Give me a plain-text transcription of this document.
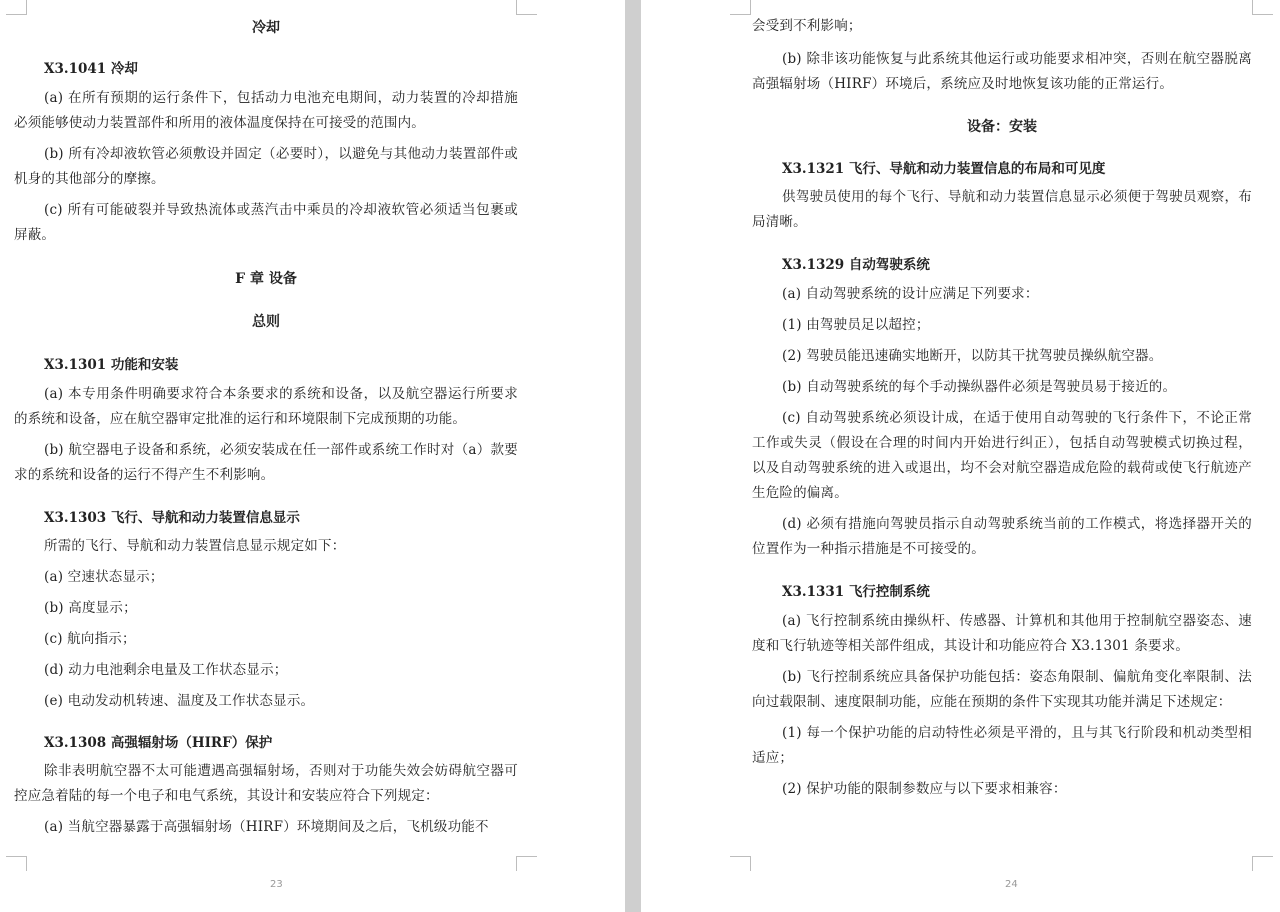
冷却

X3.1041 冷却

(a) 在所有预期的运行条件下，包括动力电池充电期间，动力装置的冷却措施必须能够使动力装置部件和所用的液体温度保持在可接受的范围内。

(b) 所有冷却液软管必须敷设并固定（必要时），以避免与其他动力装置部件或机身的其他部分的摩擦。

(c) 所有可能破裂并导致热流体或蒸汽击中乘员的冷却液软管必须适当包裹或屏蔽。

F 章 设备

总则

X3.1301 功能和安装

(a) 本专用条件明确要求符合本条要求的系统和设备，以及航空器运行所要求的系统和设备，应在航空器审定批准的运行和环境限制下完成预期的功能。

(b) 航空器电子设备和系统，必须安装成在任一部件或系统工作时对（a）款要求的系统和设备的运行不得产生不利影响。

X3.1303 飞行、导航和动力装置信息显示

所需的飞行、导航和动力装置信息显示规定如下：

(a) 空速状态显示；

(b) 高度显示；

(c) 航向指示；

(d) 动力电池剩余电量及工作状态显示；

(e) 电动发动机转速、温度及工作状态显示。

X3.1308 高强辐射场（HIRF）保护

除非表明航空器不太可能遭遇高强辐射场，否则对于功能失效会妨碍航空器可控应急着陆的每一个电子和电气系统，其设计和安装应符合下列规定：

(a) 当航空器暴露于高强辐射场（HIRF）环境期间及之后，飞机级功能不

23

会受到不利影响；

(b) 除非该功能恢复与此系统其他运行或功能要求相冲突，否则在航空器脱离高强辐射场（HIRF）环境后，系统应及时地恢复该功能的正常运行。

设备：安装

X3.1321 飞行、导航和动力装置信息的布局和可见度

供驾驶员使用的每个飞行、导航和动力装置信息显示必须便于驾驶员观察，布局清晰。

X3.1329 自动驾驶系统

(a) 自动驾驶系统的设计应满足下列要求：

(1) 由驾驶员足以超控；

(2) 驾驶员能迅速确实地断开，以防其干扰驾驶员操纵航空器。

(b) 自动驾驶系统的每个手动操纵器件必须是驾驶员易于接近的。

(c) 自动驾驶系统必须设计成，在适于使用自动驾驶的飞行条件下，不论正常工作或失灵（假设在合理的时间内开始进行纠正），包括自动驾驶模式切换过程，以及自动驾驶系统的进入或退出，均不会对航空器造成危险的载荷或使飞行航迹产生危险的偏离。

(d) 必须有措施向驾驶员指示自动驾驶系统当前的工作模式，将选择器开关的位置作为一种指示措施是不可接受的。

X3.1331 飞行控制系统

(a) 飞行控制系统由操纵杆、传感器、计算机和其他用于控制航空器姿态、速度和飞行轨迹等相关部件组成，其设计和功能应符合 X3.1301 条要求。

(b) 飞行控制系统应具备保护功能包括：姿态角限制、偏航角变化率限制、法向过载限制、速度限制功能，应能在预期的条件下实现其功能并满足下述规定：

(1) 每一个保护功能的启动特性必须是平滑的，且与其飞行阶段和机动类型相适应；

(2) 保护功能的限制参数应与以下要求相兼容：

24
